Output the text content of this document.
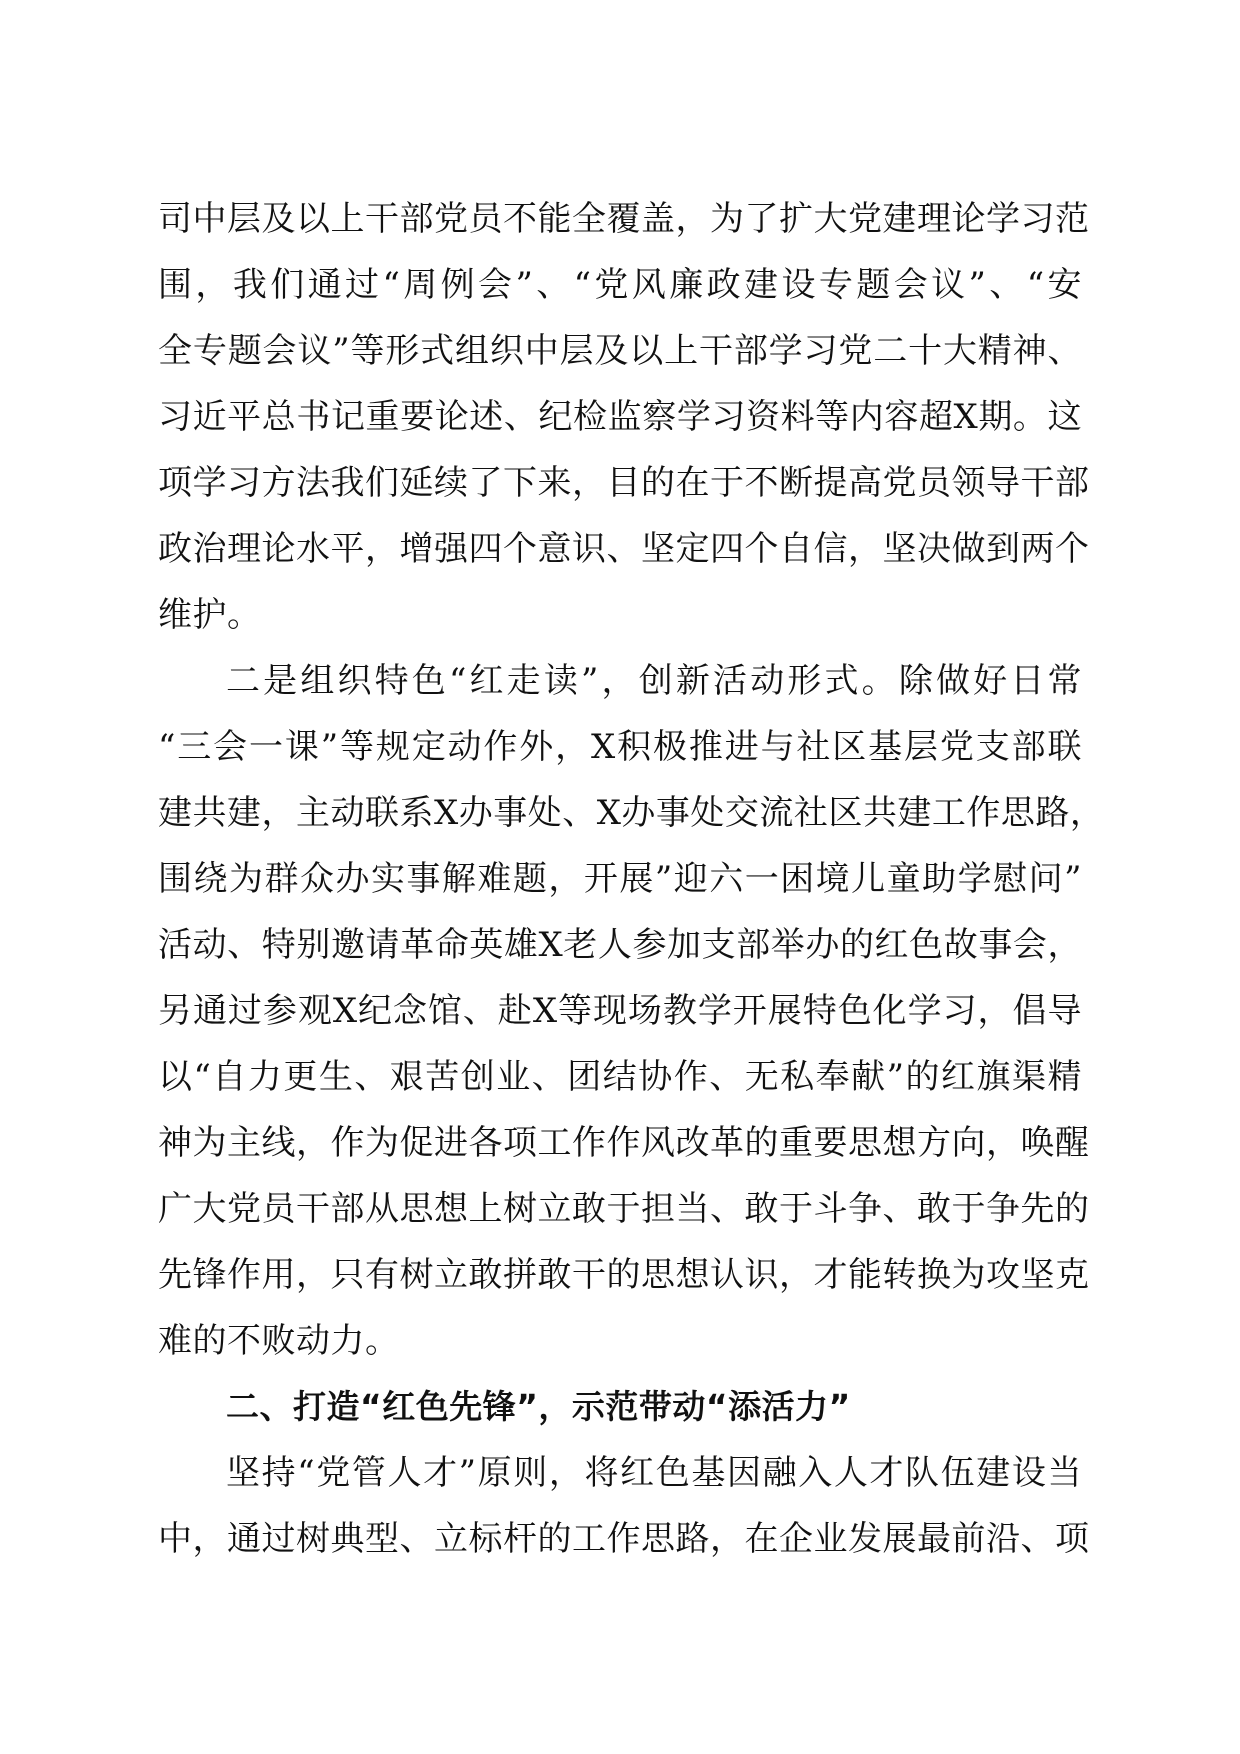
司中层及以上干部党员不能全覆盖，为了扩大党建理论学习范
围，我们通过“周例会”、“党风廉政建设专题会议”、“安
全专题会议”等形式组织中层及以上干部学习党二十大精神、
习近平总书记重要论述、纪检监察学习资料等内容超X期。这
项学习方法我们延续了下来，目的在于不断提高党员领导干部
政治理论水平，增强四个意识、坚定四个自信，坚决做到两个
维护。
二是组织特色“红走读”，创新活动形式。除做好日常
“三会一课”等规定动作外，X积极推进与社区基层党支部联
建共建，主动联系X办事处、X办事处交流社区共建工作思路，
围绕为群众办实事解难题，开展”迎六一困境儿童助学慰问”
活动、特别邀请革命英雄X老人参加支部举办的红色故事会，
另通过参观X纪念馆、赴X等现场教学开展特色化学习，倡导
以“自力更生、艰苦创业、团结协作、无私奉献”的红旗渠精
神为主线，作为促进各项工作作风改革的重要思想方向，唤醒
广大党员干部从思想上树立敢于担当、敢于斗争、敢于争先的
先锋作用，只有树立敢拼敢干的思想认识，才能转换为攻坚克
难的不败动力。
二、打造“红色先锋”，示范带动“添活力”
坚持“党管人才”原则，将红色基因融入人才队伍建设当
中，通过树典型、立标杆的工作思路，在企业发展最前沿、项
